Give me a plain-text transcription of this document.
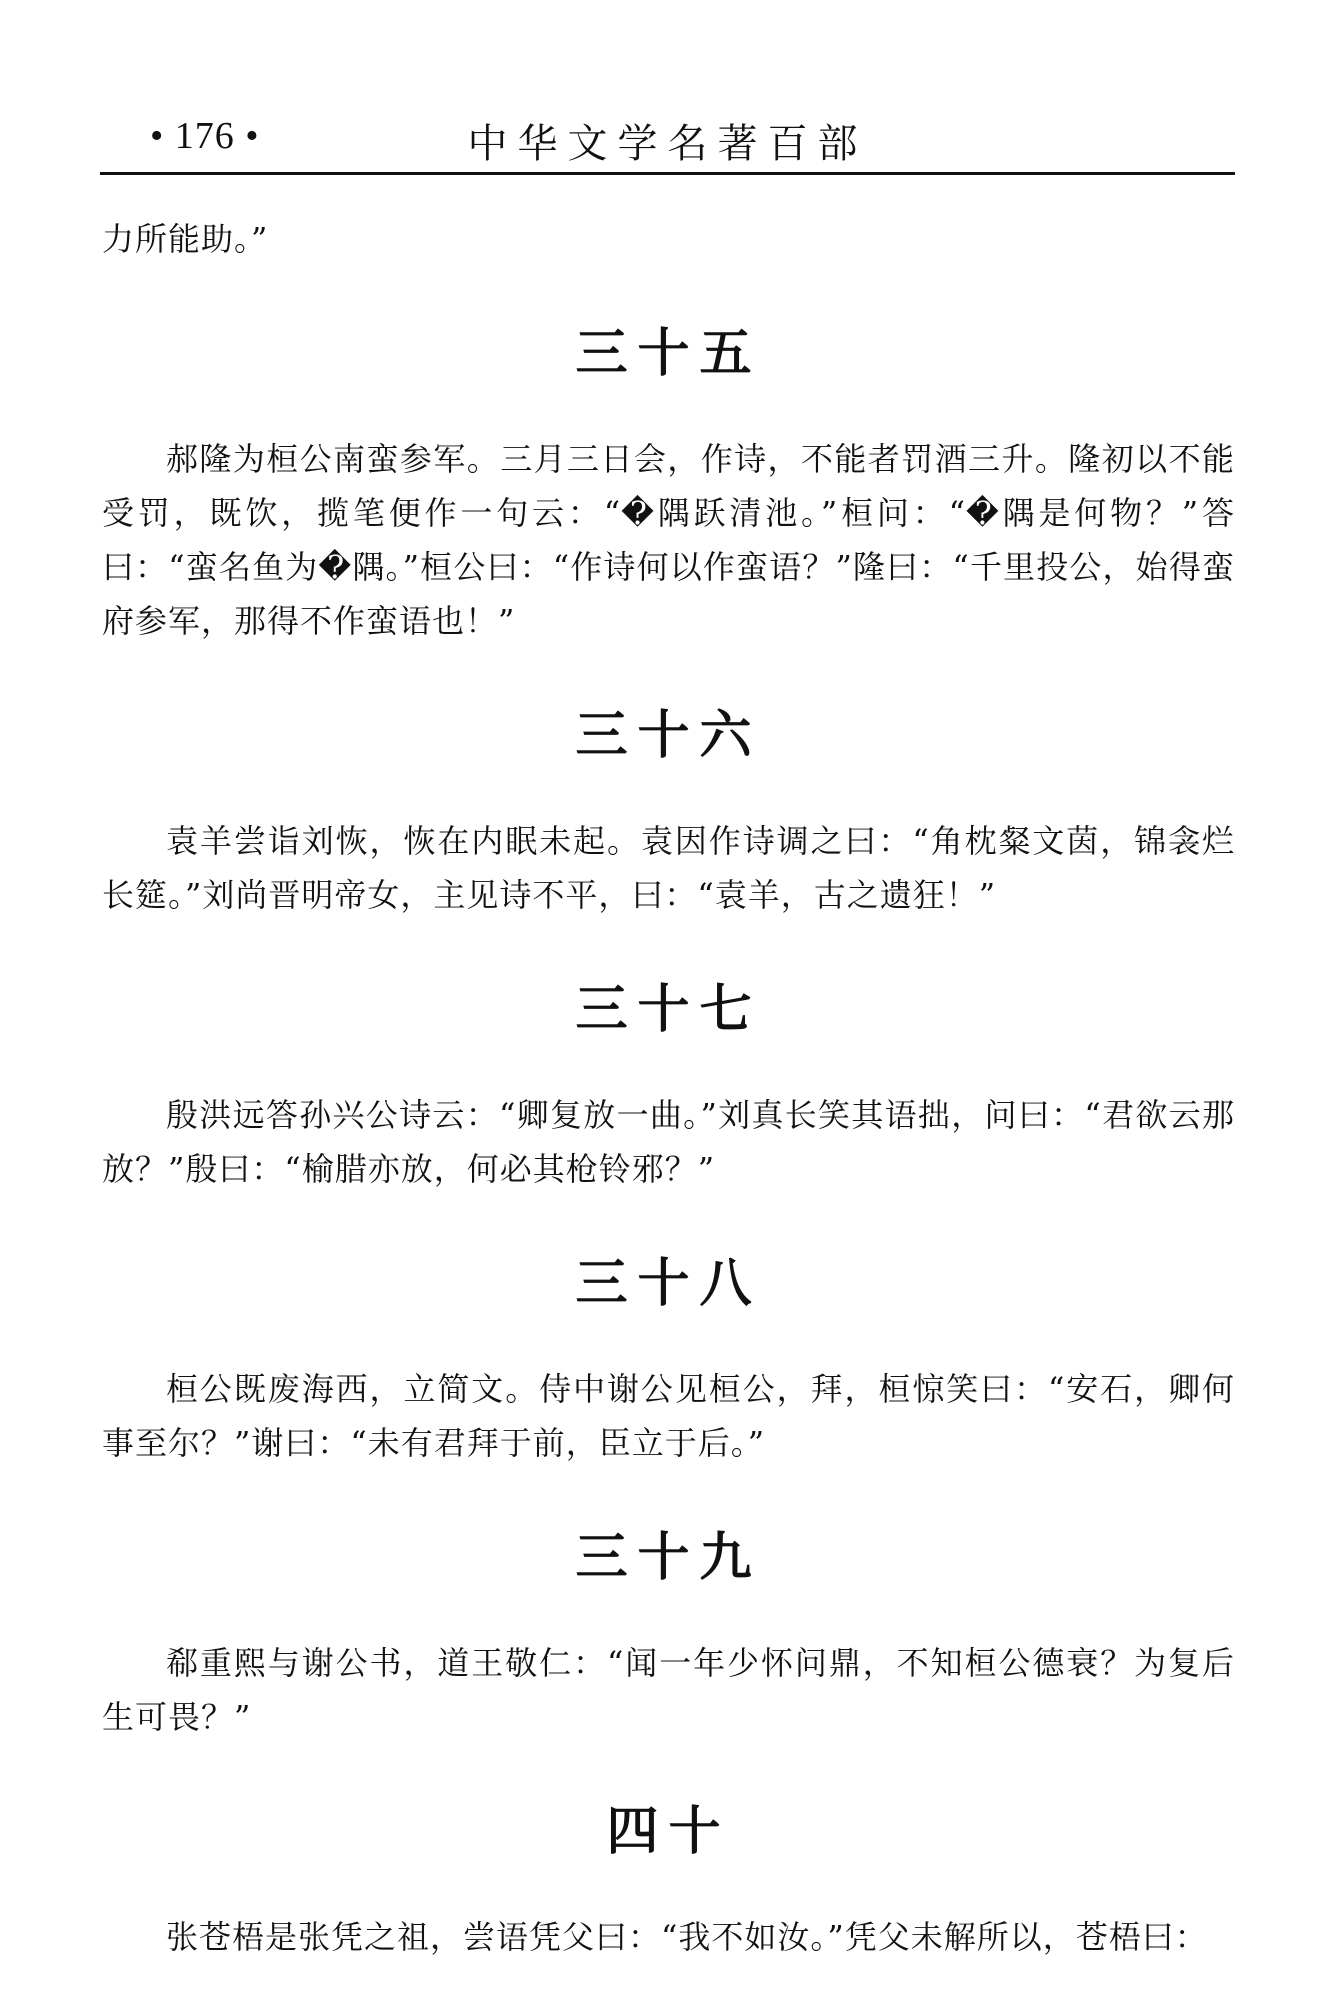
• 176 •	中华文学名著百部

力所能助。”

三十五

郝隆为桓公南蛮参军。三月三日会，作诗，不能者罚酒三升。隆初以不能受罚，既饮，揽笔便作一句云：“�隅跃清池。”桓问：“�隅是何物？”答曰：“蛮名鱼为�隅。”桓公曰：“作诗何以作蛮语？”隆曰：“千里投公，始得蛮府参军，那得不作蛮语也！”

三十六

袁羊尝诣刘恢，恢在内眠未起。袁因作诗调之曰：“角枕粲文茵，锦衾烂长筵。”刘尚晋明帝女，主见诗不平，曰：“袁羊，古之遗狂！”

三十七

殷洪远答孙兴公诗云：“卿复放一曲。”刘真长笑其语拙，问曰：“君欲云那放？”殷曰：“榆腊亦放，何必其枪铃邪？”

三十八

桓公既废海西，立简文。侍中谢公见桓公，拜，桓惊笑曰：“安石，卿何事至尔？”谢曰：“未有君拜于前，臣立于后。”

三十九

郗重熙与谢公书，道王敬仁：“闻一年少怀问鼎，不知桓公德衰？为复后生可畏？”

四十

张苍梧是张凭之祖，尝语凭父曰：“我不如汝。”凭父未解所以，苍梧曰：
